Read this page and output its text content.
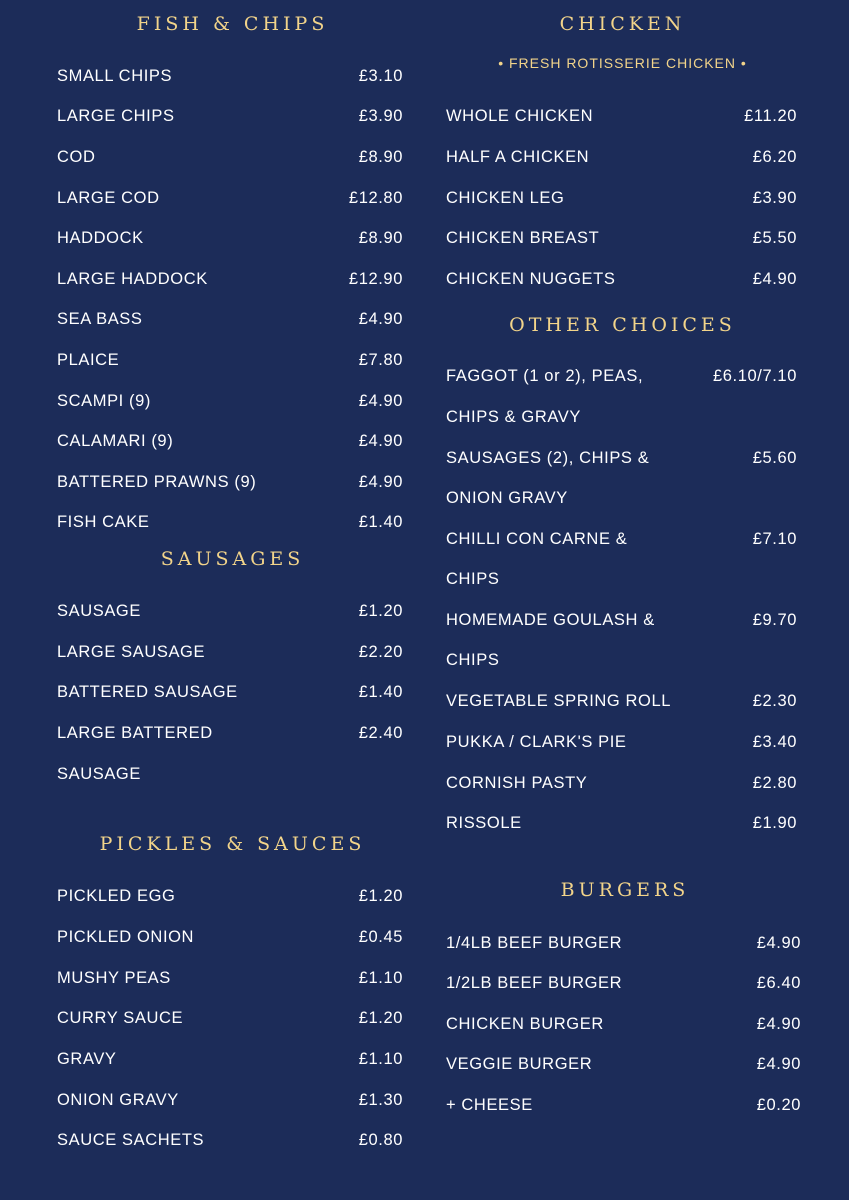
FISH & CHIPS
SMALL CHIPS	£3.10
LARGE CHIPS	£3.90
COD	£8.90
LARGE COD	£12.80
HADDOCK	£8.90
LARGE HADDOCK	£12.90
SEA BASS	£4.90
PLAICE	£7.80
SCAMPI (9)	£4.90
CALAMARI (9)	£4.90
BATTERED PRAWNS (9)	£4.90
FISH CAKE	£1.40
SAUSAGES
SAUSAGE	£1.20
LARGE SAUSAGE	£2.20
BATTERED SAUSAGE	£1.40
LARGE BATTERED	£2.40
SAUSAGE
PICKLES & SAUCES
PICKLED EGG	£1.20
PICKLED ONION	£0.45
MUSHY PEAS	£1.10
CURRY SAUCE	£1.20
GRAVY	£1.10
ONION GRAVY	£1.30
SAUCE SACHETS	£0.80
CHICKEN
• FRESH ROTISSERIE CHICKEN •
WHOLE CHICKEN	£11.20
HALF A CHICKEN	£6.20
CHICKEN LEG	£3.90
CHICKEN BREAST	£5.50
CHICKEN NUGGETS	£4.90
OTHER CHOICES
FAGGOT (1 or 2), PEAS,	£6.10/7.10
CHIPS & GRAVY
SAUSAGES (2), CHIPS &	£5.60
ONION GRAVY
CHILLI CON CARNE &	£7.10
CHIPS
HOMEMADE GOULASH &	£9.70
CHIPS
VEGETABLE SPRING ROLL	£2.30
PUKKA / CLARK'S PIE	£3.40
CORNISH PASTY	£2.80
RISSOLE	£1.90
BURGERS
1/4LB BEEF BURGER	£4.90
1/2LB BEEF BURGER	£6.40
CHICKEN BURGER	£4.90
VEGGIE BURGER	£4.90
+ CHEESE	£0.20
